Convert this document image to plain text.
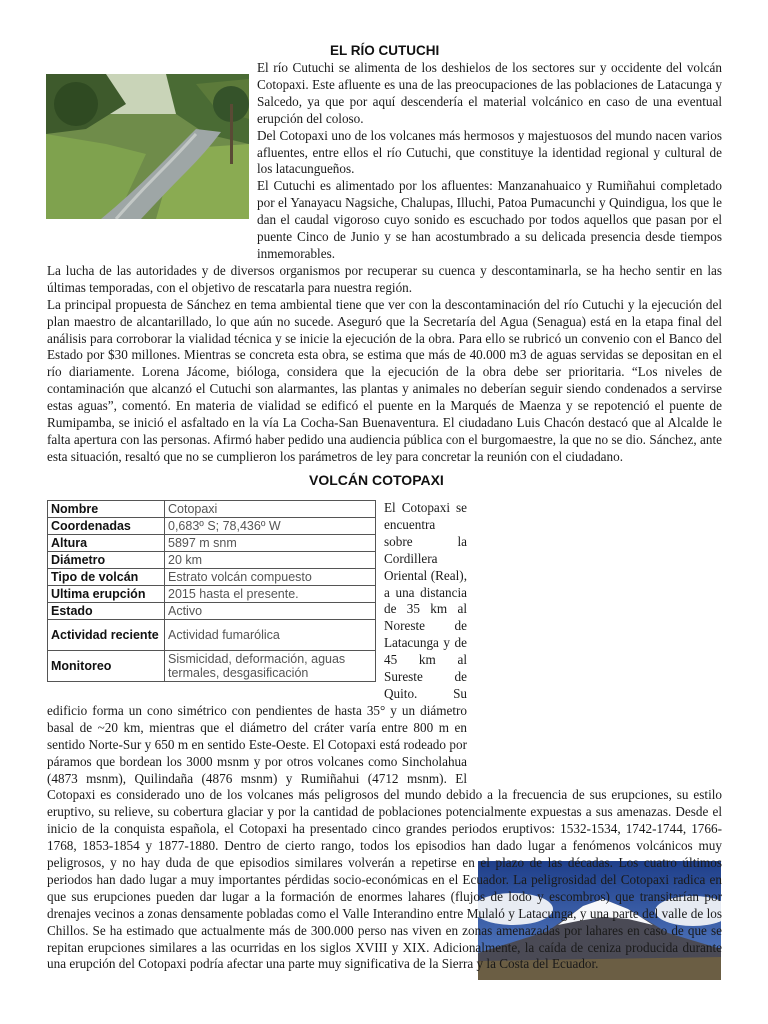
EL RÍO CUTUCHI

El río Cutuchi se alimenta de los deshielos de los sectores sur y occidente del volcán Cotopaxi. Este afluente es una de las preocupaciones de las poblaciones de Latacunga y Salcedo, ya que por aquí descendería el material volcánico en caso de una eventual erupción del coloso.
Del Cotopaxi uno de los volcanes más hermosos y majestuosos del mundo nacen varios afluentes, entre ellos el río Cutuchi, que constituye la identidad regional y cultural de los latacungueños.
El Cutuchi es alimentado por los afluentes: Manzanahuaico y Rumiñahui completado por el Yanayacu Nagsiche, Chalupas, Illuchi, Patoa Pumacunchi y Quindigua, los que le dan el caudal vigoroso cuyo sonido es escuchado por todos aquellos que pasan por el puente Cinco de Junio y se han acostumbrado a su delicada presencia desde tiempos inmemorables.
La lucha de las autoridades y de diversos organismos por recuperar su cuenca y descontaminarla, se ha hecho sentir en las últimas temporadas, con el objetivo de rescatarla para nuestra región.
La principal propuesta de Sánchez en tema ambiental tiene que ver con la descontaminación del río Cutuchi y la ejecución del plan maestro de alcantarillado, lo que aún no sucede. Aseguró que la Secretaría del Agua (Senagua) está en la etapa final del análisis para corroborar la vialidad técnica y se inicie la ejecución de la obra. Para ello se rubricó un convenio con el Banco del Estado por $30 millones. Mientras se concreta esta obra, se estima que más de 40.000 m3 de aguas servidas se depositan en el río diariamente. Lorena Jácome, bióloga, considera que la ejecución de la obra debe ser prioritaria. “Los niveles de contaminación que alcanzó el Cutuchi son alarmantes, las plantas y animales no deberían seguir siendo condenados a servirse estas aguas”, comentó. En materia de vialidad se edificó el puente en la Marqués de Maenza y se repotenció el puente de Rumipamba, se inició el asfaltado en la vía La Cocha-San Buenaventura. El ciudadano Luis Chacón destacó que al Alcalde le falta apertura con las personas. Afirmó haber pedido una audiencia pública con el burgomaestre, la que no se dio. Sánchez, ante esta situación, resaltó que no se cumplieron los parámetros de ley para concretar la reunión con el ciudadano.

VOLCÁN COTOPAXI
Nombre	Cotopaxi
Coordenadas	0,683º S; 78,436º W
Altura	5897 m snm
Diámetro	20 km
Tipo de volcán	Estrato volcán compuesto
Ultima erupción	2015 hasta el presente.
Estado	Activo
Actividad reciente	Actividad fumarólica
Monitoreo	Sismicidad, deformación, aguas termales, desgasificación

El Cotopaxi se encuentra sobre la Cordillera Oriental (Real), a una distancia de 35 km al Noreste de Latacunga y de 45 km al Sureste de Quito. Su edificio forma un cono simétrico con pendientes de hasta 35° y un diámetro basal de ~20 km, mientras que el diámetro del cráter varía entre 800 m en sentido Norte-Sur y 650 m en sentido Este-Oeste. El Cotopaxi está rodeado por páramos que bordean los 3000 msnm y por otros volcanes como Sincholahua (4873 msnm), Quilindaña (4876 msnm) y Rumiñahui (4712 msnm). El Cotopaxi es considerado uno de los volcanes más peligrosos del mundo debido a la frecuencia de sus erupciones, su estilo eruptivo, su relieve, su cobertura glaciar y por la cantidad de poblaciones potencialmente expuestas a sus amenazas. Desde el inicio de la conquista española, el Cotopaxi ha presentado cinco grandes periodos eruptivos: 1532-1534, 1742-1744, 1766-1768, 1853-1854 y 1877-1880. Dentro de cierto rango, todos los episodios han dado lugar a fenómenos volcánicos muy peligrosos, y no hay duda de que episodios similares volverán a repetirse en el plazo de las décadas. Los cuatro últimos periodos han dado lugar a muy importantes pérdidas socio-económicas en el Ecuador. La peligrosidad del Cotopaxi radica en que sus erupciones pueden dar lugar a la formación de enormes lahares (flujos de lodo y escombros) que transitarían por drenajes vecinos a zonas densamente pobladas como el Valle Interandino entre Mulaló y Latacunga, y una parte del valle de los Chillos. Se ha estimado que actualmente más de 300.000 perso nas viven en zonas amenazadas por lahares en caso de que se repitan erupciones similares a las ocurridas en los siglos XVIII y XIX. Adicionalmente, la caída de ceniza producida durante una erupción del Cotopaxi podría afectar una parte muy significativa de la Sierra y la Costa del Ecuador.
